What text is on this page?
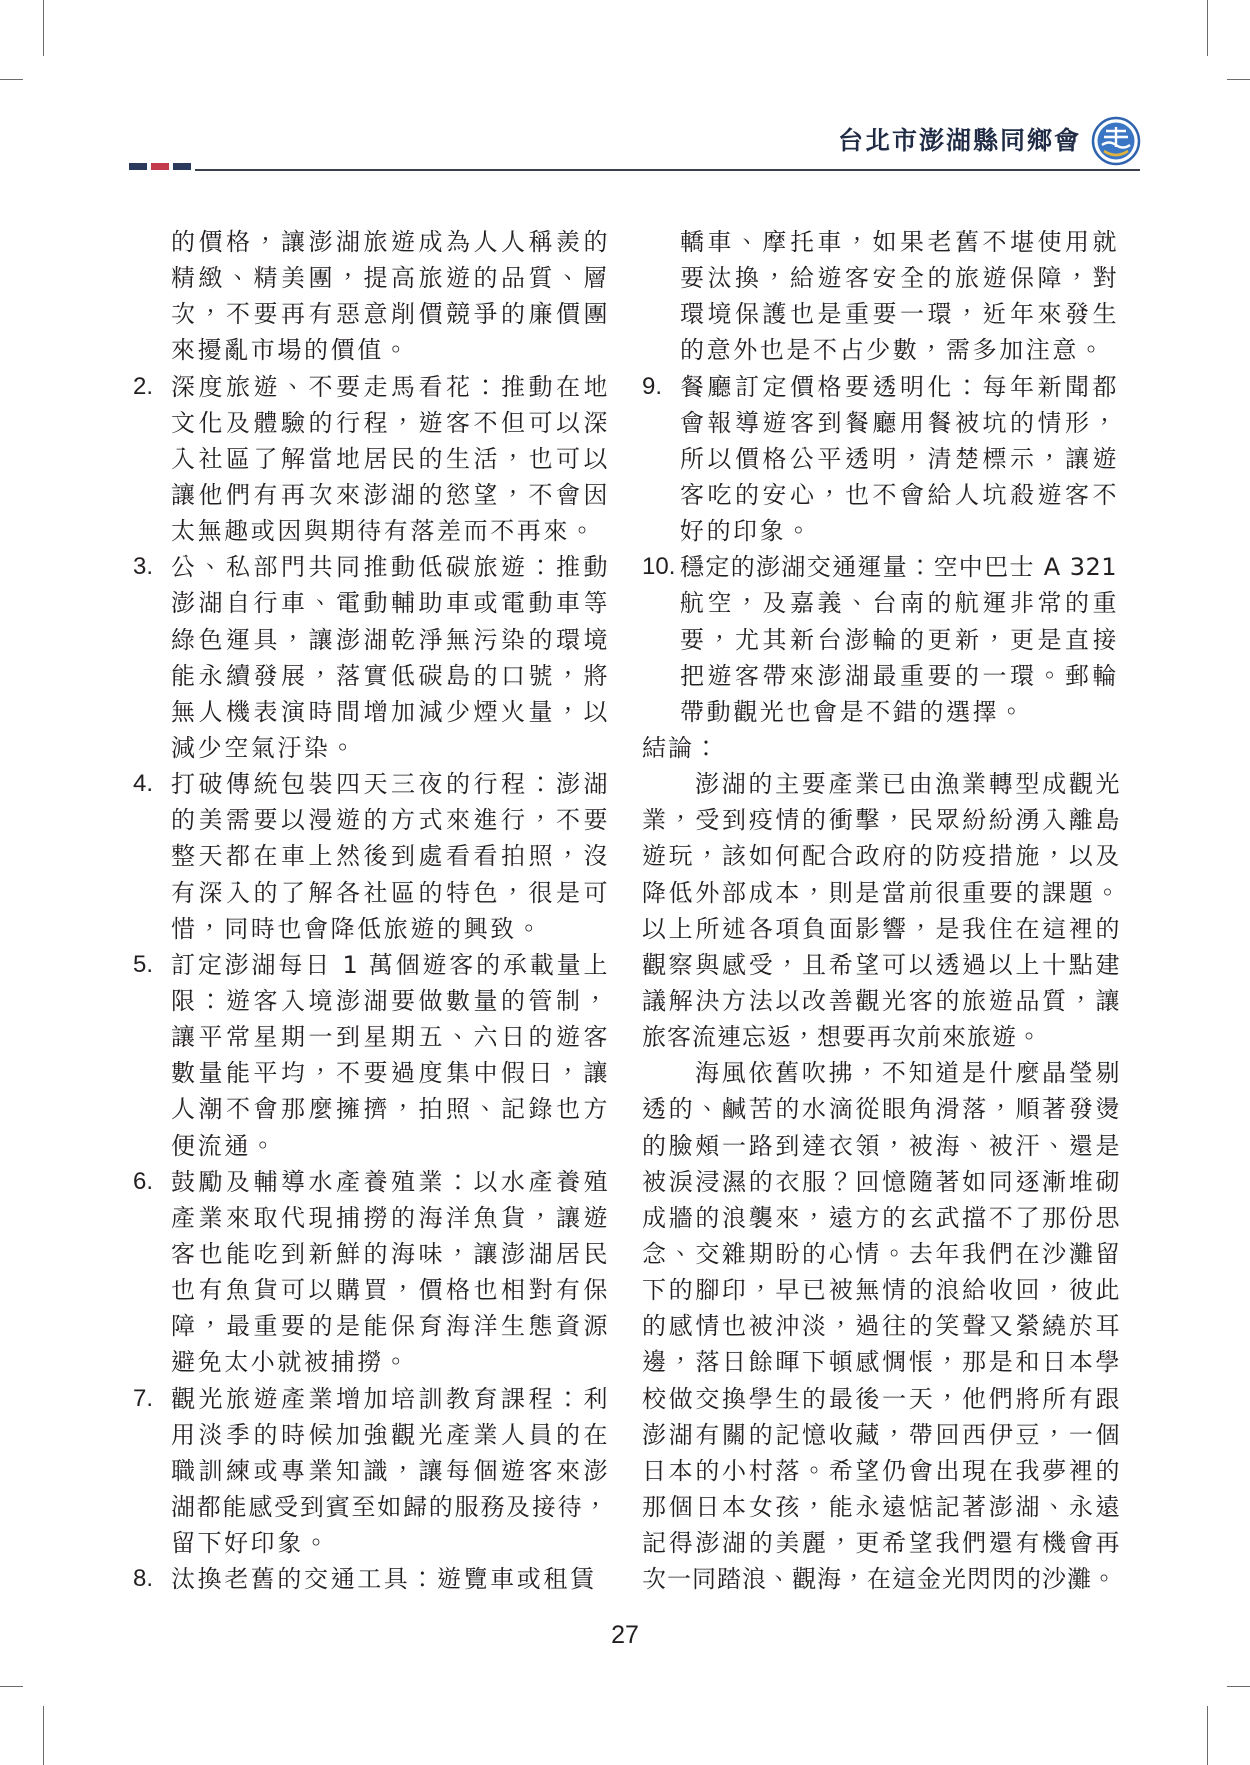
台北市澎湖縣同鄉會
的價格，讓澎湖旅遊成為人人稱羨的
精緻、精美團，提高旅遊的品質、層
次，不要再有惡意削價競爭的廉價團
來擾亂市場的價值。
2. 深度旅遊、不要走馬看花：推動在地
文化及體驗的行程，遊客不但可以深
入社區了解當地居民的生活，也可以
讓他們有再次來澎湖的慾望，不會因
太無趣或因與期待有落差而不再來。
3. 公、私部門共同推動低碳旅遊：推動
澎湖自行車、電動輔助車或電動車等
綠色運具，讓澎湖乾淨無污染的環境
能永續發展，落實低碳島的口號，將
無人機表演時間增加減少煙火量，以
減少空氣汙染。
4. 打破傳統包裝四天三夜的行程：澎湖
的美需要以漫遊的方式來進行，不要
整天都在車上然後到處看看拍照，沒
有深入的了解各社區的特色，很是可
惜，同時也會降低旅遊的興致。
5. 訂定澎湖每日 1 萬個遊客的承載量上
限：遊客入境澎湖要做數量的管制，
讓平常星期一到星期五、六日的遊客
數量能平均，不要過度集中假日，讓
人潮不會那麼擁擠，拍照、記錄也方
便流通。
6. 鼓勵及輔導水產養殖業：以水產養殖
產業來取代現捕撈的海洋魚貨，讓遊
客也能吃到新鮮的海味，讓澎湖居民
也有魚貨可以購買，價格也相對有保
障，最重要的是能保育海洋生態資源
避免太小就被捕撈。
7. 觀光旅遊產業增加培訓教育課程：利
用淡季的時候加強觀光產業人員的在
職訓練或專業知識，讓每個遊客來澎
湖都能感受到賓至如歸的服務及接待，
留下好印象。
8. 汰換老舊的交通工具：遊覽車或租賃
轎車、摩托車，如果老舊不堪使用就
要汰換，給遊客安全的旅遊保障，對
環境保護也是重要一環，近年來發生
的意外也是不占少數，需多加注意。
9. 餐廳訂定價格要透明化：每年新聞都
會報導遊客到餐廳用餐被坑的情形，
所以價格公平透明，清楚標示，讓遊
客吃的安心，也不會給人坑殺遊客不
好的印象。
10. 穩定的澎湖交通運量：空中巴士 A 321
航空，及嘉義、台南的航運非常的重
要，尤其新台澎輪的更新，更是直接
把遊客帶來澎湖最重要的一環。郵輪
帶動觀光也會是不錯的選擇。
結論：
澎湖的主要產業已由漁業轉型成觀光
業，受到疫情的衝擊，民眾紛紛湧入離島
遊玩，該如何配合政府的防疫措施，以及
降低外部成本，則是當前很重要的課題。
以上所述各項負面影響，是我住在這裡的
觀察與感受，且希望可以透過以上十點建
議解決方法以改善觀光客的旅遊品質，讓
旅客流連忘返，想要再次前來旅遊。
海風依舊吹拂，不知道是什麼晶瑩剔
透的、鹹苦的水滴從眼角滑落，順著發燙
的臉頰一路到達衣領，被海、被汗、還是
被淚浸濕的衣服？回憶隨著如同逐漸堆砌
成牆的浪襲來，遠方的玄武擋不了那份思
念、交雜期盼的心情。去年我們在沙灘留
下的腳印，早已被無情的浪給收回，彼此
的感情也被沖淡，過往的笑聲又縈繞於耳
邊，落日餘暉下頓感惆悵，那是和日本學
校做交換學生的最後一天，他們將所有跟
澎湖有關的記憶收藏，帶回西伊豆，一個
日本的小村落。希望仍會出現在我夢裡的
那個日本女孩，能永遠惦記著澎湖、永遠
記得澎湖的美麗，更希望我們還有機會再
次一同踏浪、觀海，在這金光閃閃的沙灘。
27
